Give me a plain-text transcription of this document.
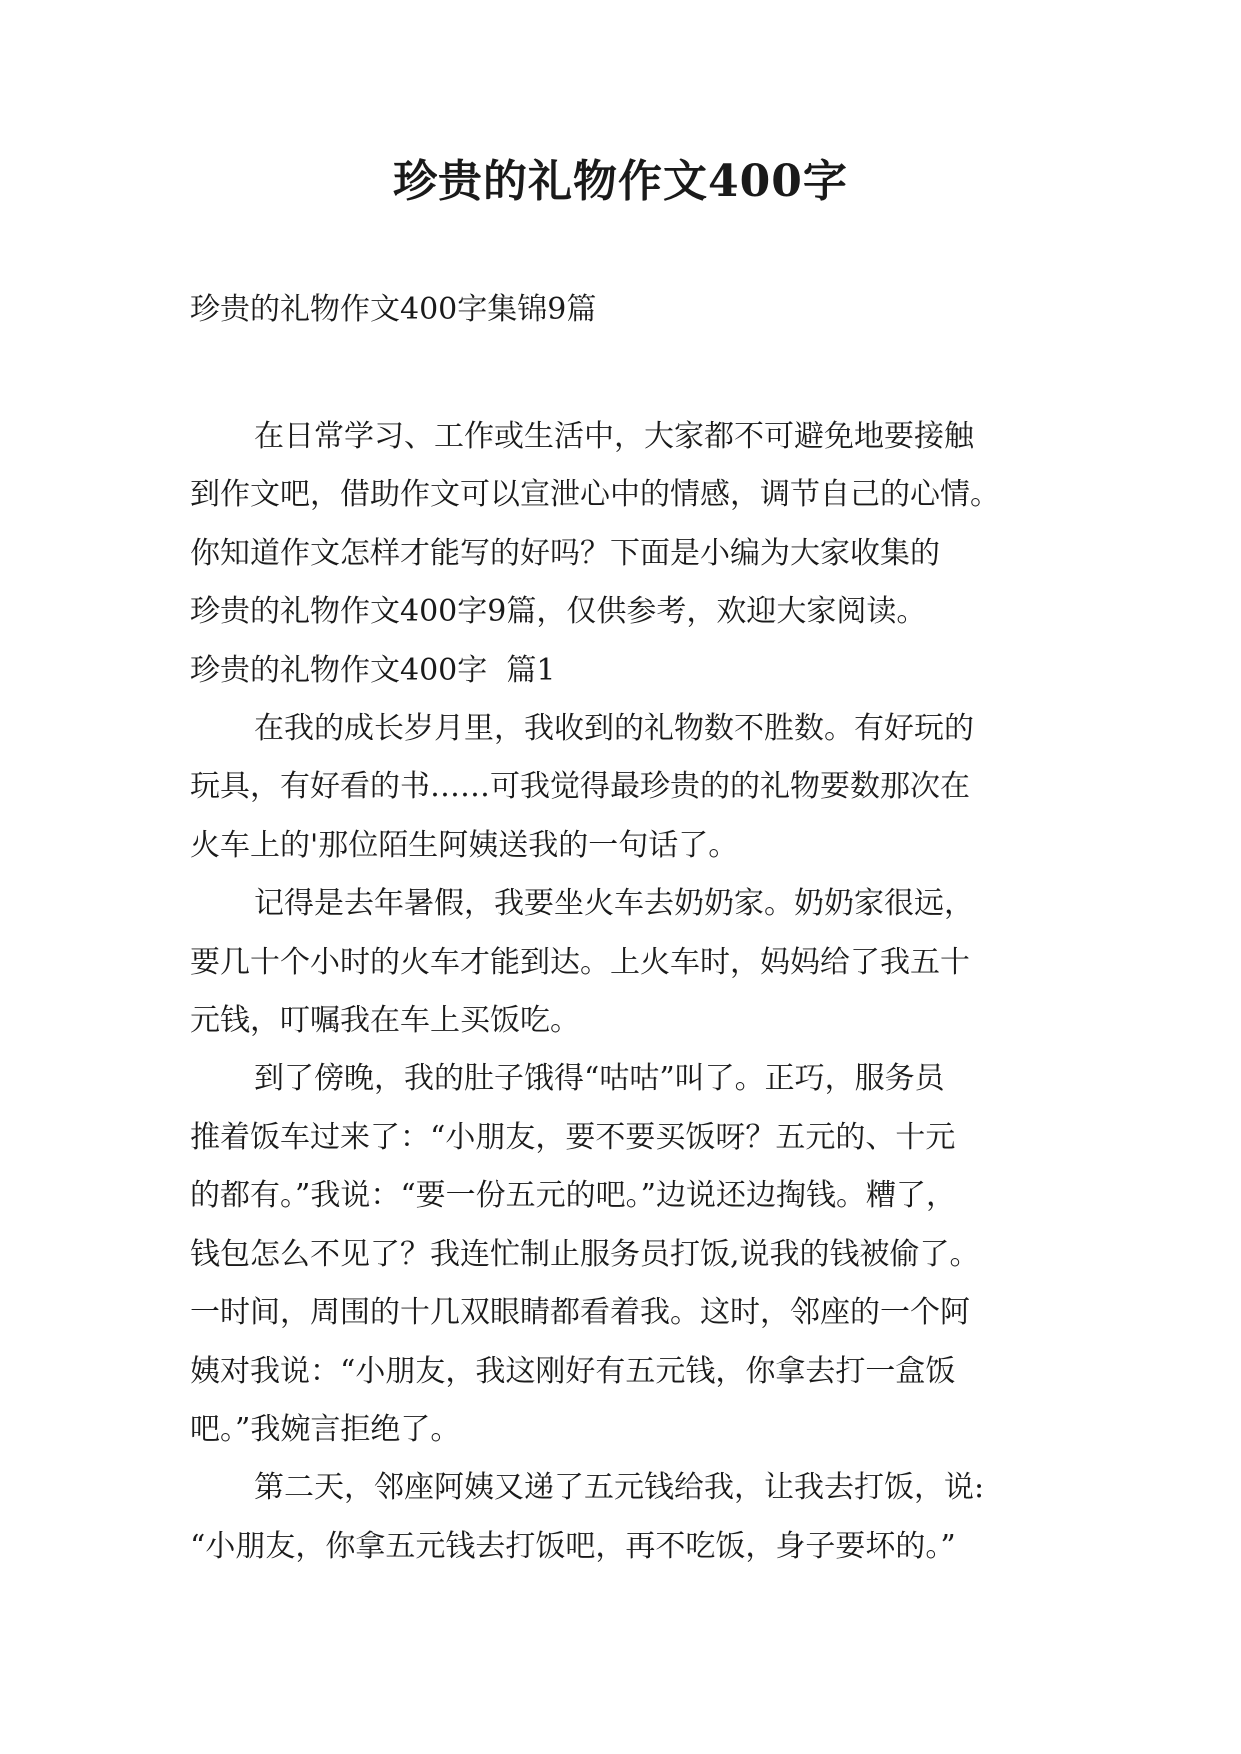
珍贵的礼物作文400字

珍贵的礼物作文400字集锦9篇

在日常学习、工作或生活中，大家都不可避免地要接触
到作文吧，借助作文可以宣泄心中的情感，调节自己的心情。
你知道作文怎样才能写的好吗？下面是小编为大家收集的
珍贵的礼物作文400字9篇，仅供参考，欢迎大家阅读。

珍贵的礼物作文400字  篇1

在我的成长岁月里，我收到的礼物数不胜数。有好玩的
玩具，有好看的书……可我觉得最珍贵的的礼物要数那次在
火车上的'那位陌生阿姨送我的一句话了。

记得是去年暑假，我要坐火车去奶奶家。奶奶家很远，
要几十个小时的火车才能到达。上火车时，妈妈给了我五十
元钱，叮嘱我在车上买饭吃。

到了傍晚，我的肚子饿得“咕咕”叫了。正巧，服务员
推着饭车过来了：“小朋友，要不要买饭呀？五元的、十元
的都有。”我说：“要一份五元的吧。”边说还边掏钱。糟了，
钱包怎么不见了？我连忙制止服务员打饭,说我的钱被偷了。
一时间，周围的十几双眼睛都看着我。这时，邻座的一个阿
姨对我说：“小朋友，我这刚好有五元钱，你拿去打一盒饭
吧。”我婉言拒绝了。

第二天，邻座阿姨又递了五元钱给我，让我去打饭，说:
“小朋友，你拿五元钱去打饭吧，再不吃饭，身子要坏的。”
